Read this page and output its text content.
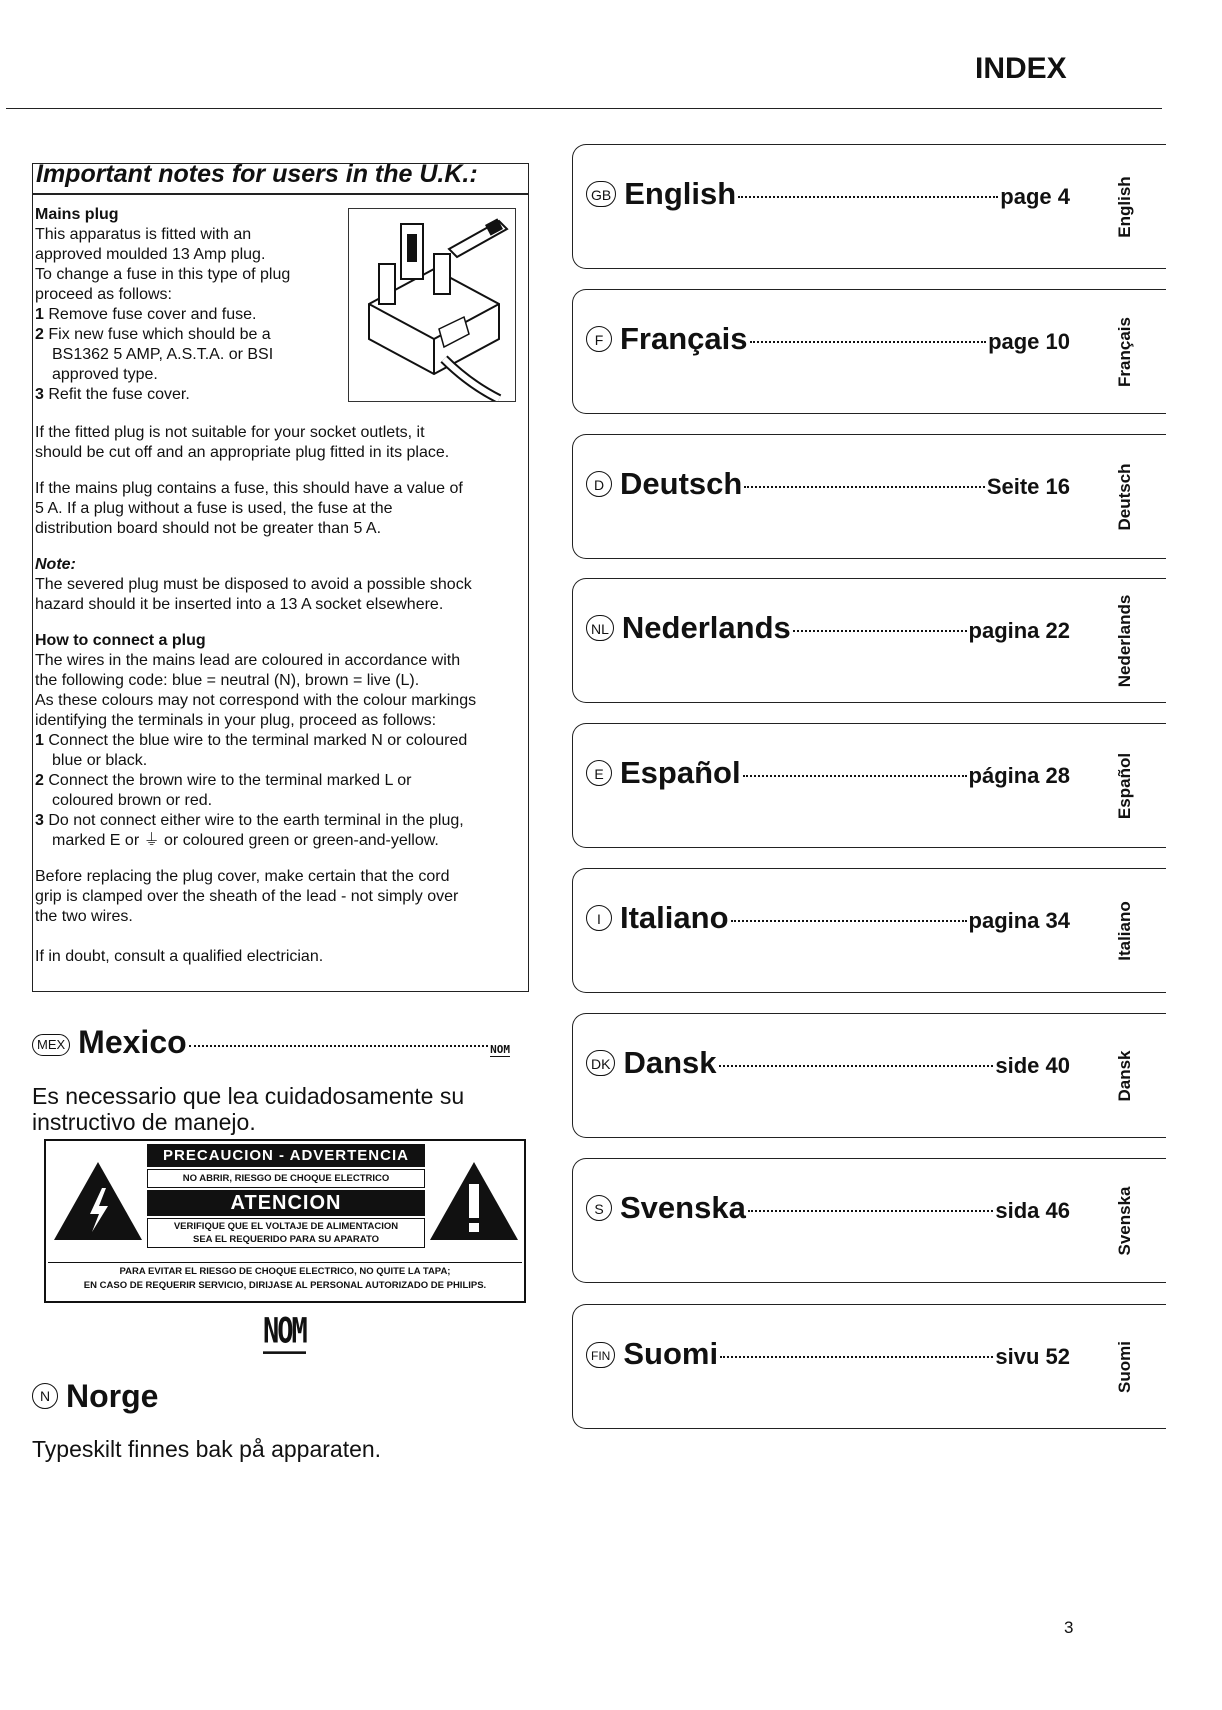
INDEX
Important notes for users in the U.K.:
Mains plug
This apparatus is fitted with an
approved moulded 13 Amp plug.
To change a fuse in this type of plug
proceed as follows:
1 Remove fuse cover and fuse.
2 Fix new fuse which should be a
BS1362 5 AMP, A.S.T.A. or BSI
approved type.
3 Refit the fuse cover.
If the fitted plug is not suitable for your socket outlets, it
should be cut off and an appropriate plug fitted in its place.
If the mains plug contains a fuse, this should have a value of
5 A. If a plug without a fuse is used, the fuse at the
distribution board should not be greater than 5 A.
Note:
The severed plug must be disposed to avoid a possible shock
hazard should it be inserted into a 13 A socket elsewhere.
How to connect a plug
The wires in the mains lead are coloured in accordance with
the following code: blue = neutral (N), brown = live (L).
As these colours may not correspond with the colour markings
identifying the terminals in your plug, proceed as follows:
1 Connect the blue wire to the terminal marked N or coloured
blue or black.
2 Connect the brown wire to the terminal marked L or
coloured brown or red.
3 Do not connect either wire to the earth terminal in the plug,
marked E or ⏚ or coloured green or green-and-yellow.
Before replacing the plug cover, make certain that the cord
grip is clamped over the sheath of the lead - not simply over
the two wires.
If in doubt, consult a qualified electrician.
MEX Mexico	NOM
Es necessario que lea cuidadosamente su
instructivo de manejo.
PRECAUCION - ADVERTENCIA
NO ABRIR, RIESGO DE CHOQUE ELECTRICO
ATENCION
VERIFIQUE QUE EL VOLTAJE DE ALIMENTACION
SEA EL REQUERIDO PARA SU APARATO
PARA EVITAR EL RIESGO DE CHOQUE ELECTRICO, NO QUITE LA TAPA;
EN CASO DE REQUERIR SERVICIO, DIRIJASE AL PERSONAL AUTORIZADO DE PHILIPS.
NOM
N Norge
Typeskilt finnes bak på apparaten.
GB English	page 4	English
F Français	page 10	Français
D Deutsch	Seite 16	Deutsch
NL Nederlands	pagina 22	Nederlands
E Español	página 28	Español
I Italiano	pagina 34	Italiano
DK Dansk	side 40	Dansk
S Svenska	sida 46	Svenska
FIN Suomi	sivu 52	Suomi
3
